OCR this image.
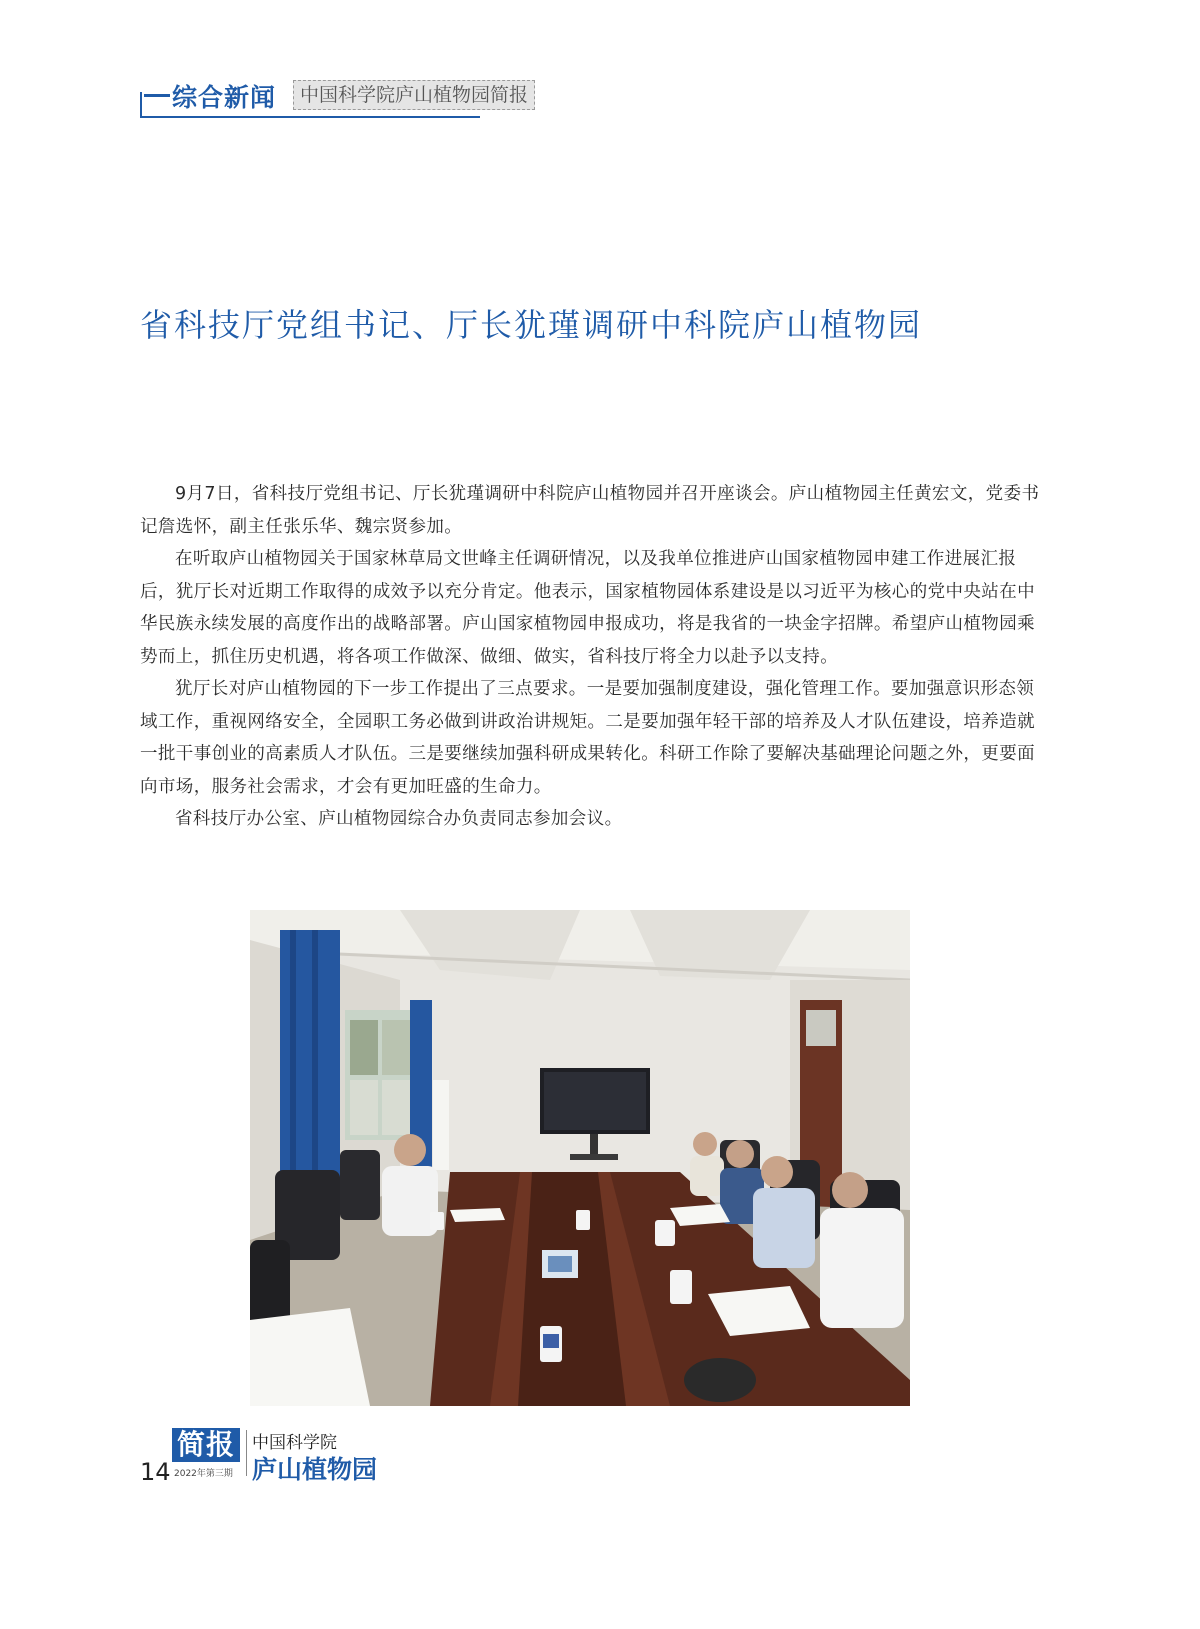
综合新闻	中国科学院庐山植物园简报
省科技厅党组书记、厅长犹瑾调研中科院庐山植物园

9月7日，省科技厅党组书记、厅长犹瑾调研中科院庐山植物园并召开座谈会。庐山植物园主任黄宏文，党委书记詹选怀，副主任张乐华、魏宗贤参加。

在听取庐山植物园关于国家林草局文世峰主任调研情况，以及我单位推进庐山国家植物园申建工作进展汇报后，犹厅长对近期工作取得的成效予以充分肯定。他表示，国家植物园体系建设是以习近平为核心的党中央站在中华民族永续发展的高度作出的战略部署。庐山国家植物园申报成功，将是我省的一块金字招牌。希望庐山植物园乘势而上，抓住历史机遇，将各项工作做深、做细、做实，省科技厅将全力以赴予以支持。

犹厅长对庐山植物园的下一步工作提出了三点要求。一是要加强制度建设，强化管理工作。要加强意识形态领域工作，重视网络安全，全园职工务必做到讲政治讲规矩。二是要加强年轻干部的培养及人才队伍建设，培养造就一批干事创业的高素质人才队伍。三是要继续加强科研成果转化。科研工作除了要解决基础理论问题之外，更要面向市场，服务社会需求，才会有更加旺盛的生命力。

省科技厅办公室、庐山植物园综合办负责同志参加会议。

14
简报
2022年第三期
中国科学院
庐山植物园
